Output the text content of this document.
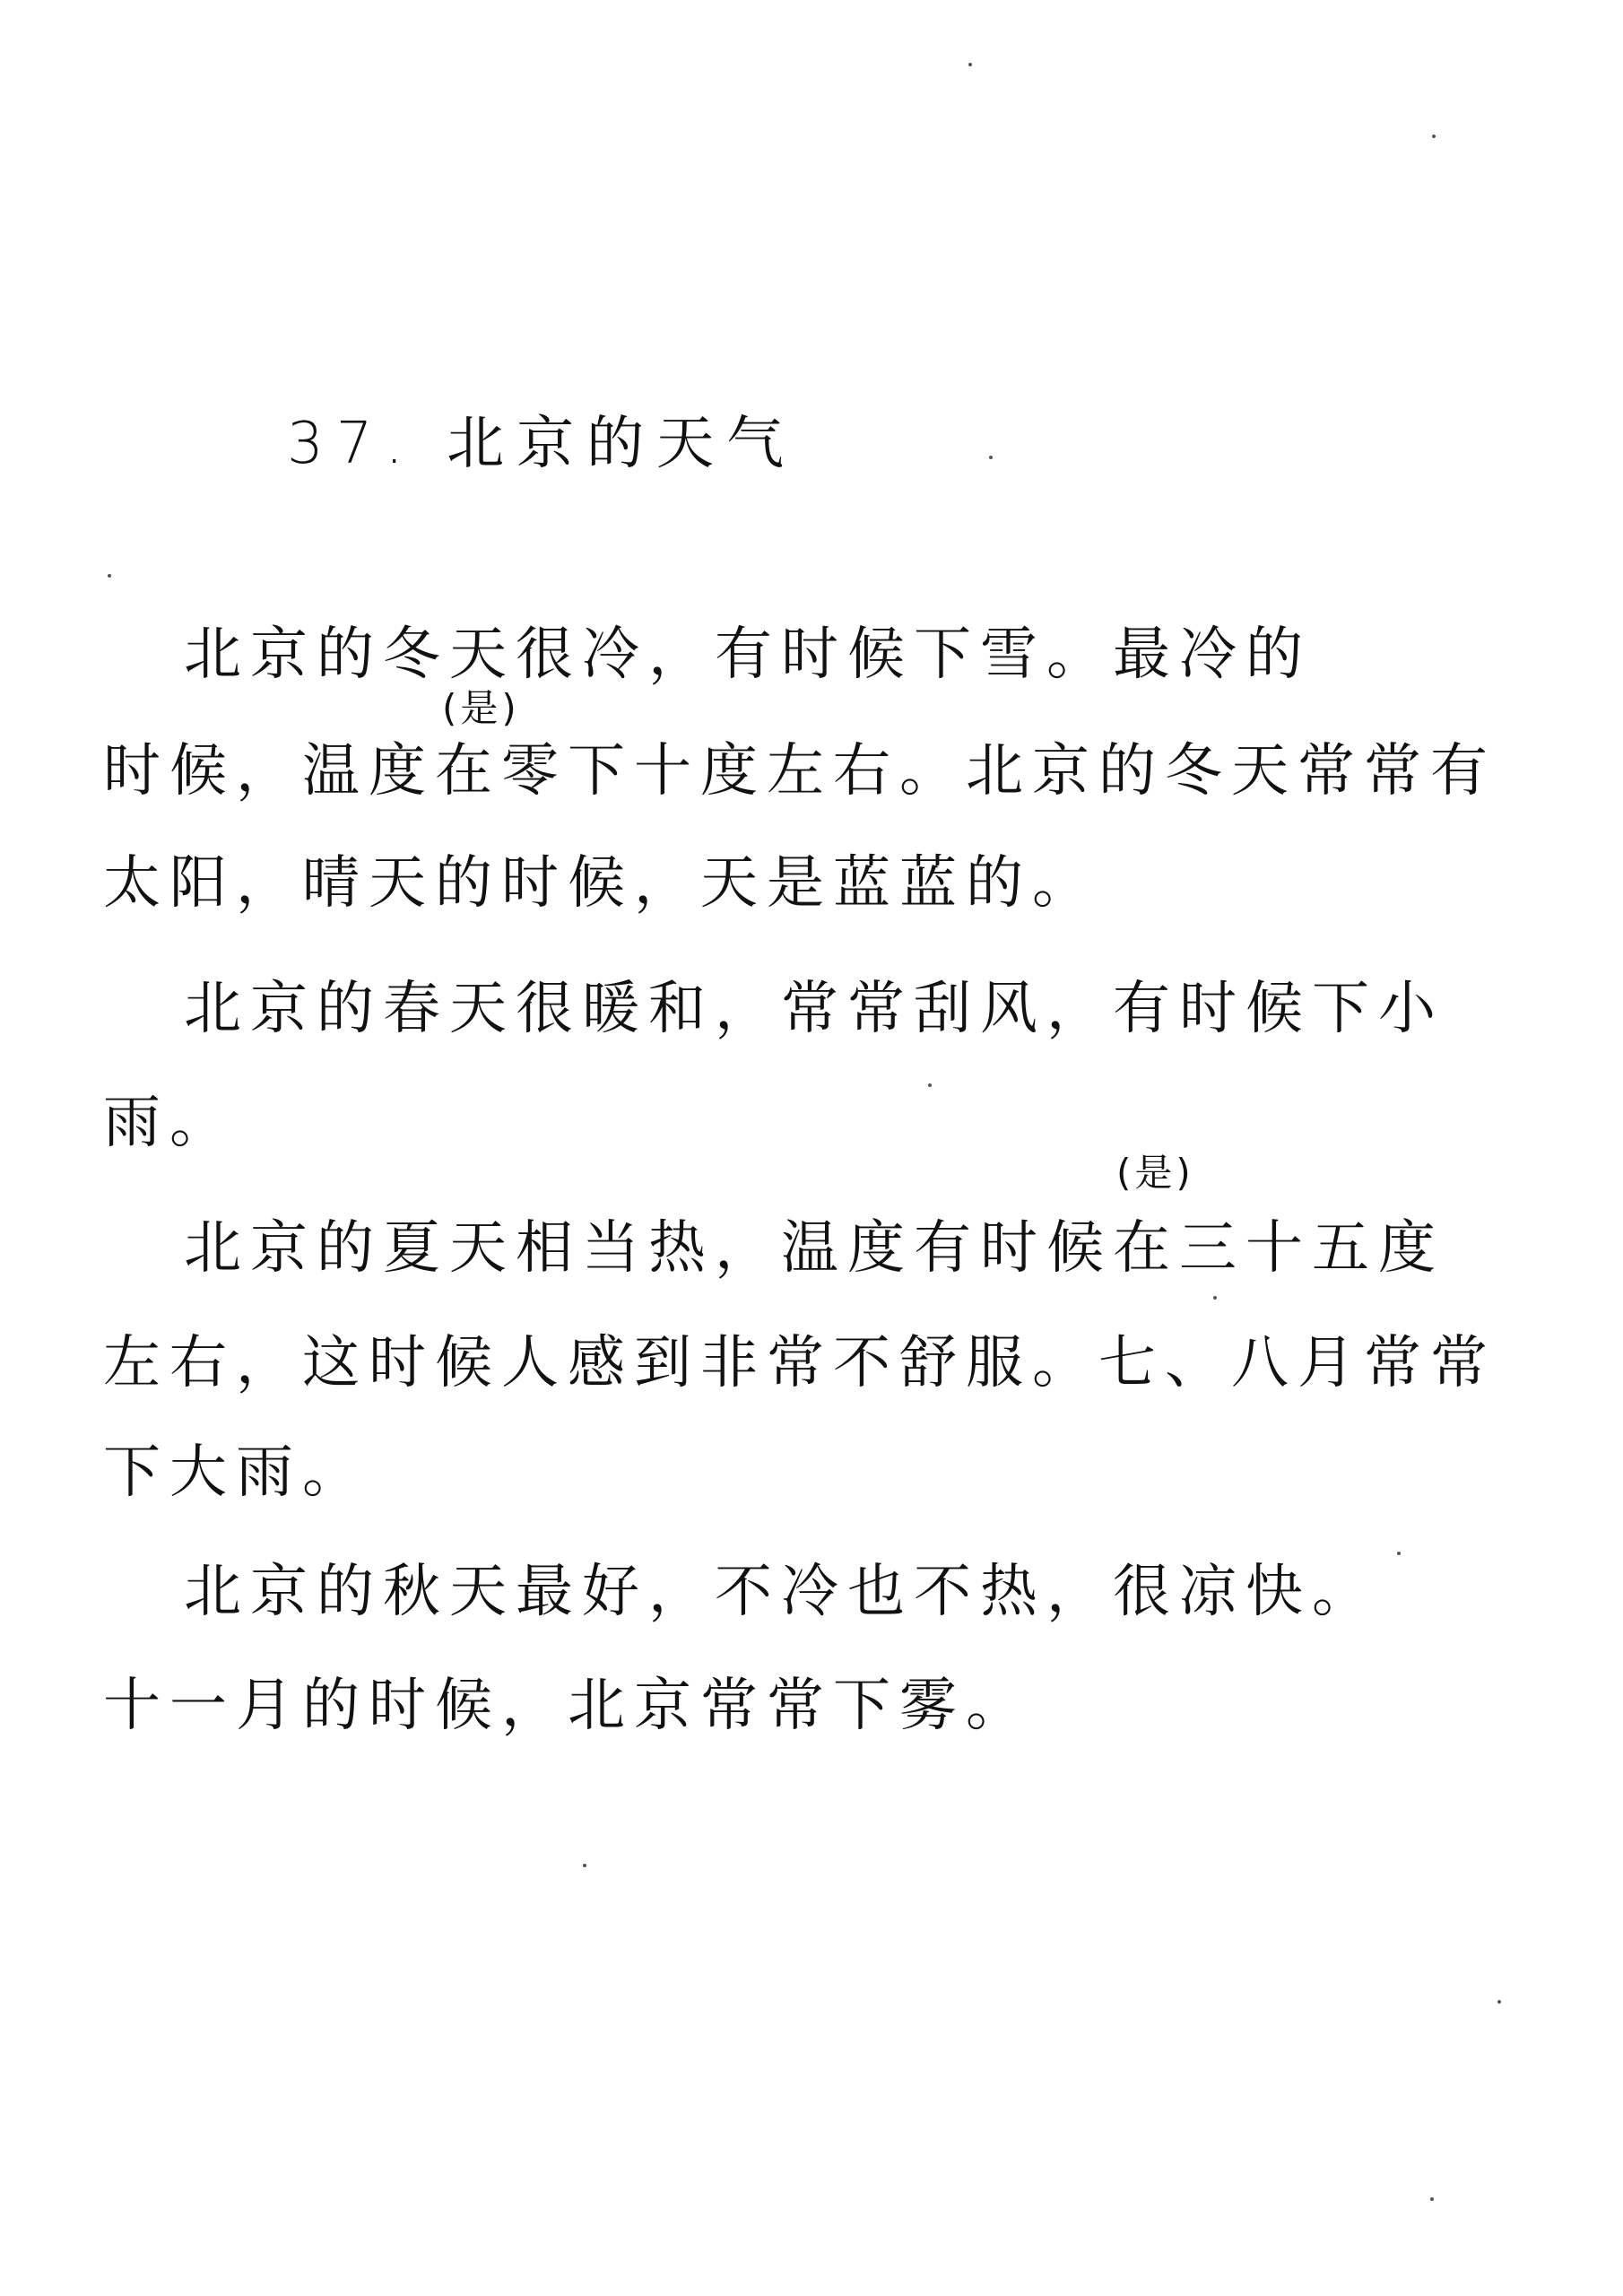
37. 北京的天气
(是)
(是)
北京的冬天很冷，有时候下雪。最冷的
时候，温度在零下十度左右。北京的冬天常常有
太阳，晴天的时候，天是蓝蓝的。
北京的春天很暖和，常常刮风，有时候下小
雨。
北京的夏天相当热，温度有时候在三十五度
左右，这时候人感到非常不舒服。七、八月常常
下大雨。
北京的秋天最好，不冷也不热，很凉快。
十一月的时候，北京常常下雾。
